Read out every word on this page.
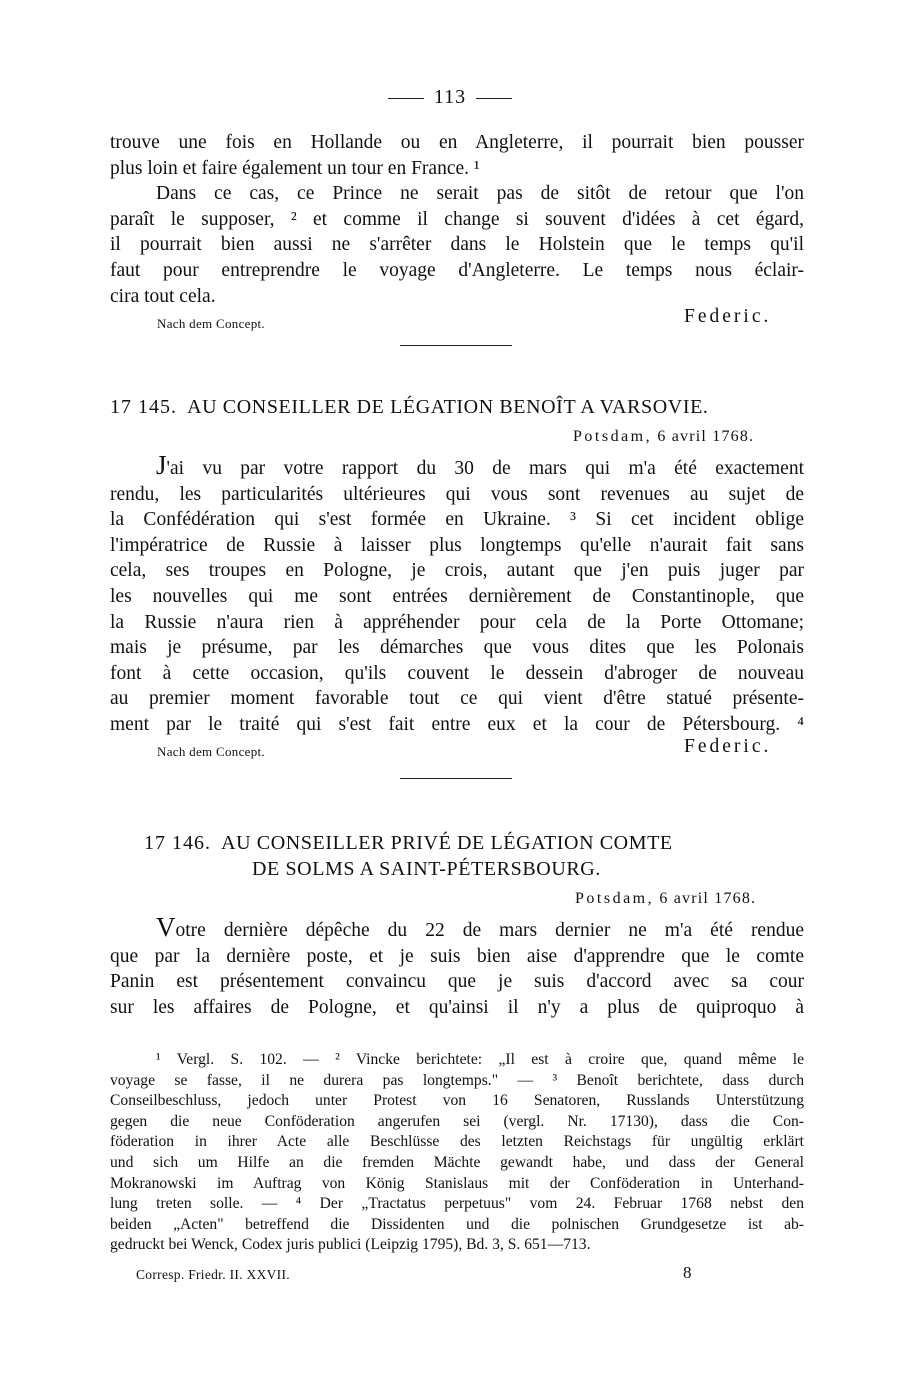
113
trouve une fois en Hollande ou en Angleterre, il pourrait bien pousser
plus loin et faire également un tour en France. ¹
Dans ce cas, ce Prince ne serait pas de sitôt de retour que l'on
paraît le supposer, ² et comme il change si souvent d'idées à cet égard,
il pourrait bien aussi ne s'arrêter dans le Holstein que le temps qu'il
faut pour entreprendre le voyage d'Angleterre. Le temps nous éclair-
cira tout cela.
Nach dem Concept.	Federic.
17 145. AU CONSEILLER DE LÉGATION BENOÎT A VARSOVIE.
Potsdam, 6 avril 1768.
J'ai vu par votre rapport du 30 de mars qui m'a été exactement
rendu, les particularités ultérieures qui vous sont revenues au sujet de
la Confédération qui s'est formée en Ukraine. ³ Si cet incident oblige
l'impératrice de Russie à laisser plus longtemps qu'elle n'aurait fait sans
cela, ses troupes en Pologne, je crois, autant que j'en puis juger par
les nouvelles qui me sont entrées dernièrement de Constantinople, que
la Russie n'aura rien à appréhender pour cela de la Porte Ottomane;
mais je présume, par les démarches que vous dites que les Polonais
font à cette occasion, qu'ils couvent le dessein d'abroger de nouveau
au premier moment favorable tout ce qui vient d'être statué présente-
ment par le traité qui s'est fait entre eux et la cour de Pétersbourg. ⁴
Nach dem Concept.	Federic.
17 146. AU CONSEILLER PRIVÉ DE LÉGATION COMTE
DE SOLMS A SAINT-PÉTERSBOURG.
Potsdam, 6 avril 1768.
Votre dernière dépêche du 22 de mars dernier ne m'a été rendue
que par la dernière poste, et je suis bien aise d'apprendre que le comte
Panin est présentement convaincu que je suis d'accord avec sa cour
sur les affaires de Pologne, et qu'ainsi il n'y a plus de quiproquo à
¹ Vergl. S. 102. — ² Vincke berichtete: „Il est à croire que, quand même le
voyage se fasse, il ne durera pas longtemps." — ³ Benoît berichtete, dass durch
Conseilbeschluss, jedoch unter Protest von 16 Senatoren, Russlands Unterstützung
gegen die neue Conföderation angerufen sei (vergl. Nr. 17130), dass die Con-
föderation in ihrer Acte alle Beschlüsse des letzten Reichstags für ungültig erklärt
und sich um Hilfe an die fremden Mächte gewandt habe, und dass der General
Mokranowski im Auftrag von König Stanislaus mit der Conföderation in Unterhand-
lung treten solle. — ⁴ Der „Tractatus perpetuus" vom 24. Februar 1768 nebst den
beiden „Acten" betreffend die Dissidenten und die polnischen Grundgesetze ist ab-
gedruckt bei Wenck, Codex juris publici (Leipzig 1795), Bd. 3, S. 651—713.
Corresp. Friedr. II. XXVII.	8
